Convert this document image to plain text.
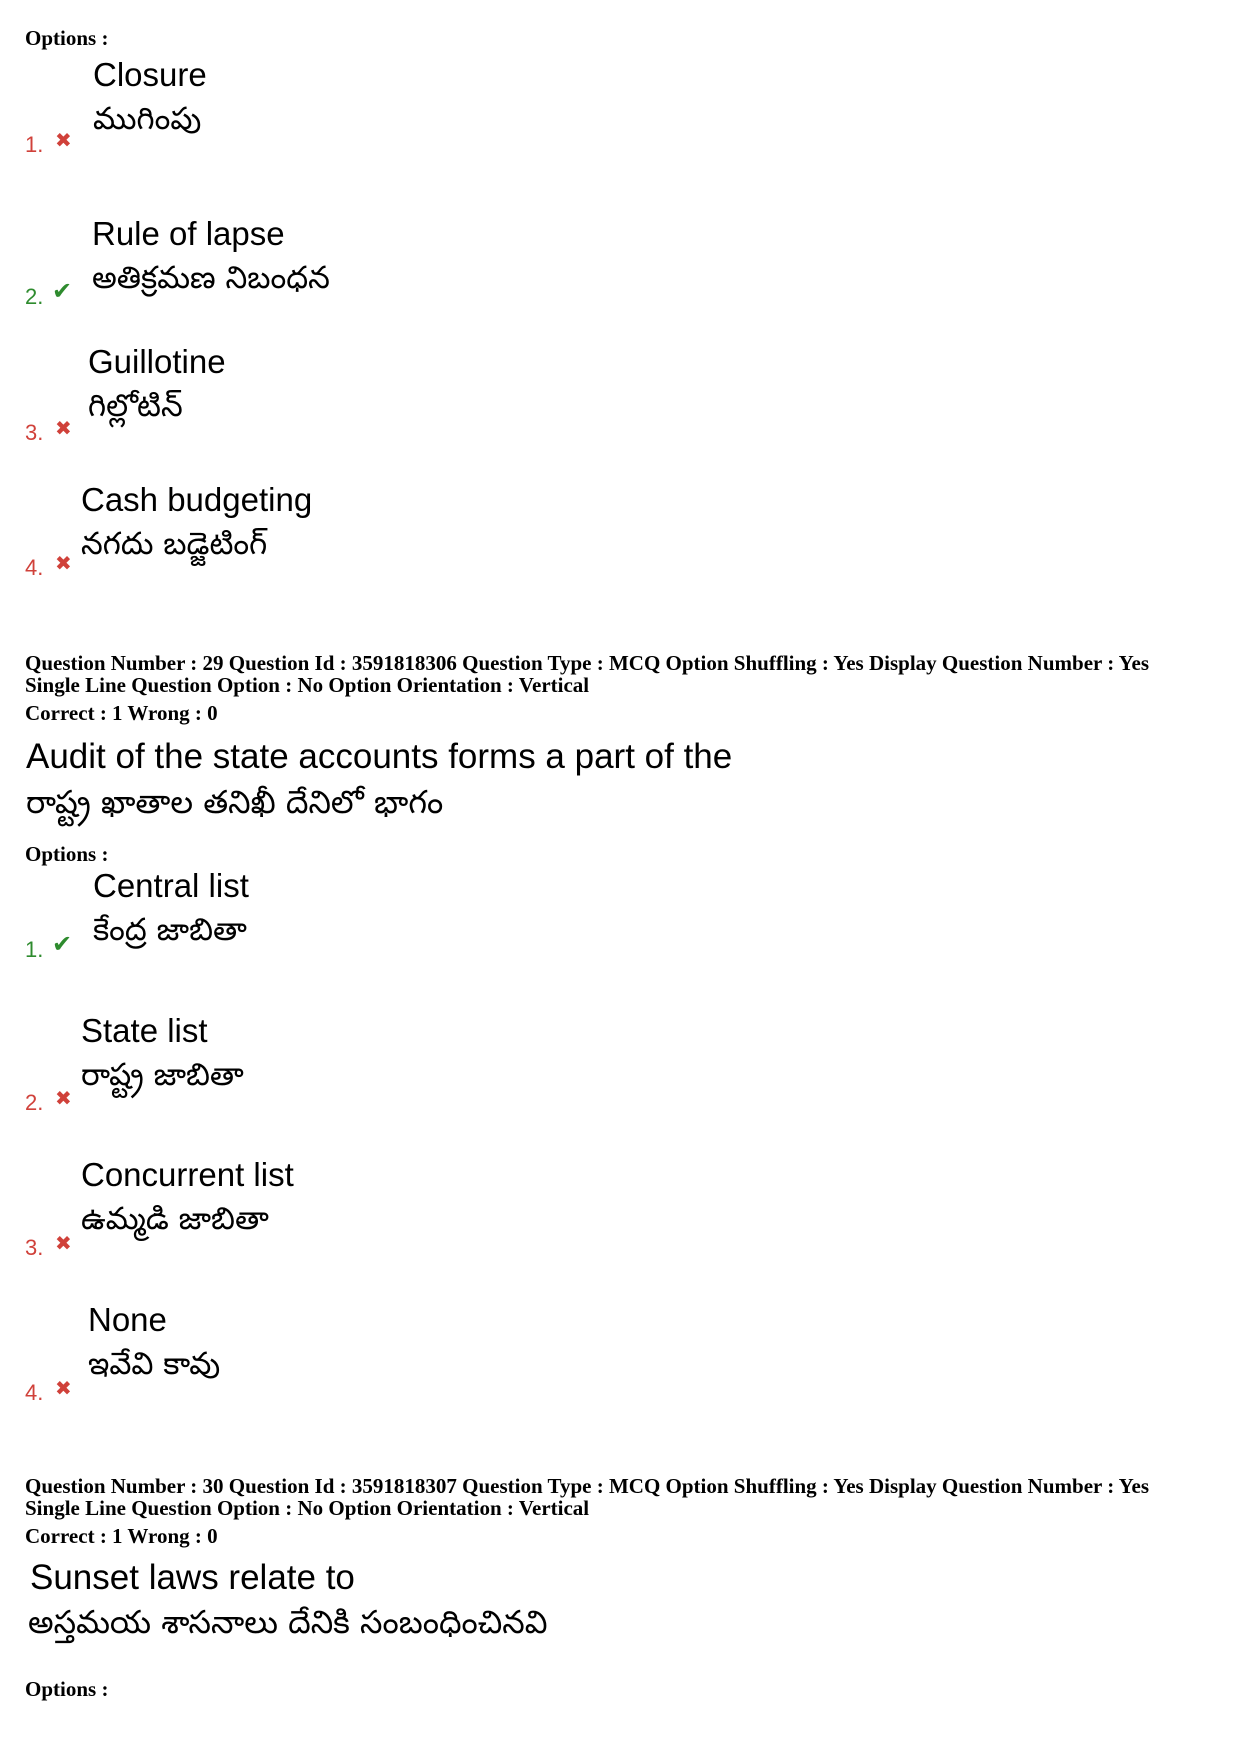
Options :
Closure
ముగింపు
1. ✖
Rule of lapse
అతిక్రమణ నిబంధన
2. ✔
Guillotine
గిల్లోటిన్
3. ✖
Cash budgeting
నగదు బడ్జెటింగ్
4. ✖
Question Number : 29 Question Id : 3591818306 Question Type : MCQ Option Shuffling : Yes Display Question Number : Yes
Single Line Question Option : No Option Orientation : Vertical
Correct : 1 Wrong : 0
Audit of the state accounts forms a part of the
రాష్ట్ర ఖాతాల తనిఖీ దేనిలో భాగం
Options :
Central list
కేంద్ర జాబితా
1. ✔
State list
రాష్ట్ర జాబితా
2. ✖
Concurrent list
ఉమ్మడి జాబితా
3. ✖
None
ఇవేవి కావు
4. ✖
Question Number : 30 Question Id : 3591818307 Question Type : MCQ Option Shuffling : Yes Display Question Number : Yes
Single Line Question Option : No Option Orientation : Vertical
Correct : 1 Wrong : 0
Sunset laws relate to
అస్తమయ శాసనాలు దేనికి సంబంధించినవి
Options :
